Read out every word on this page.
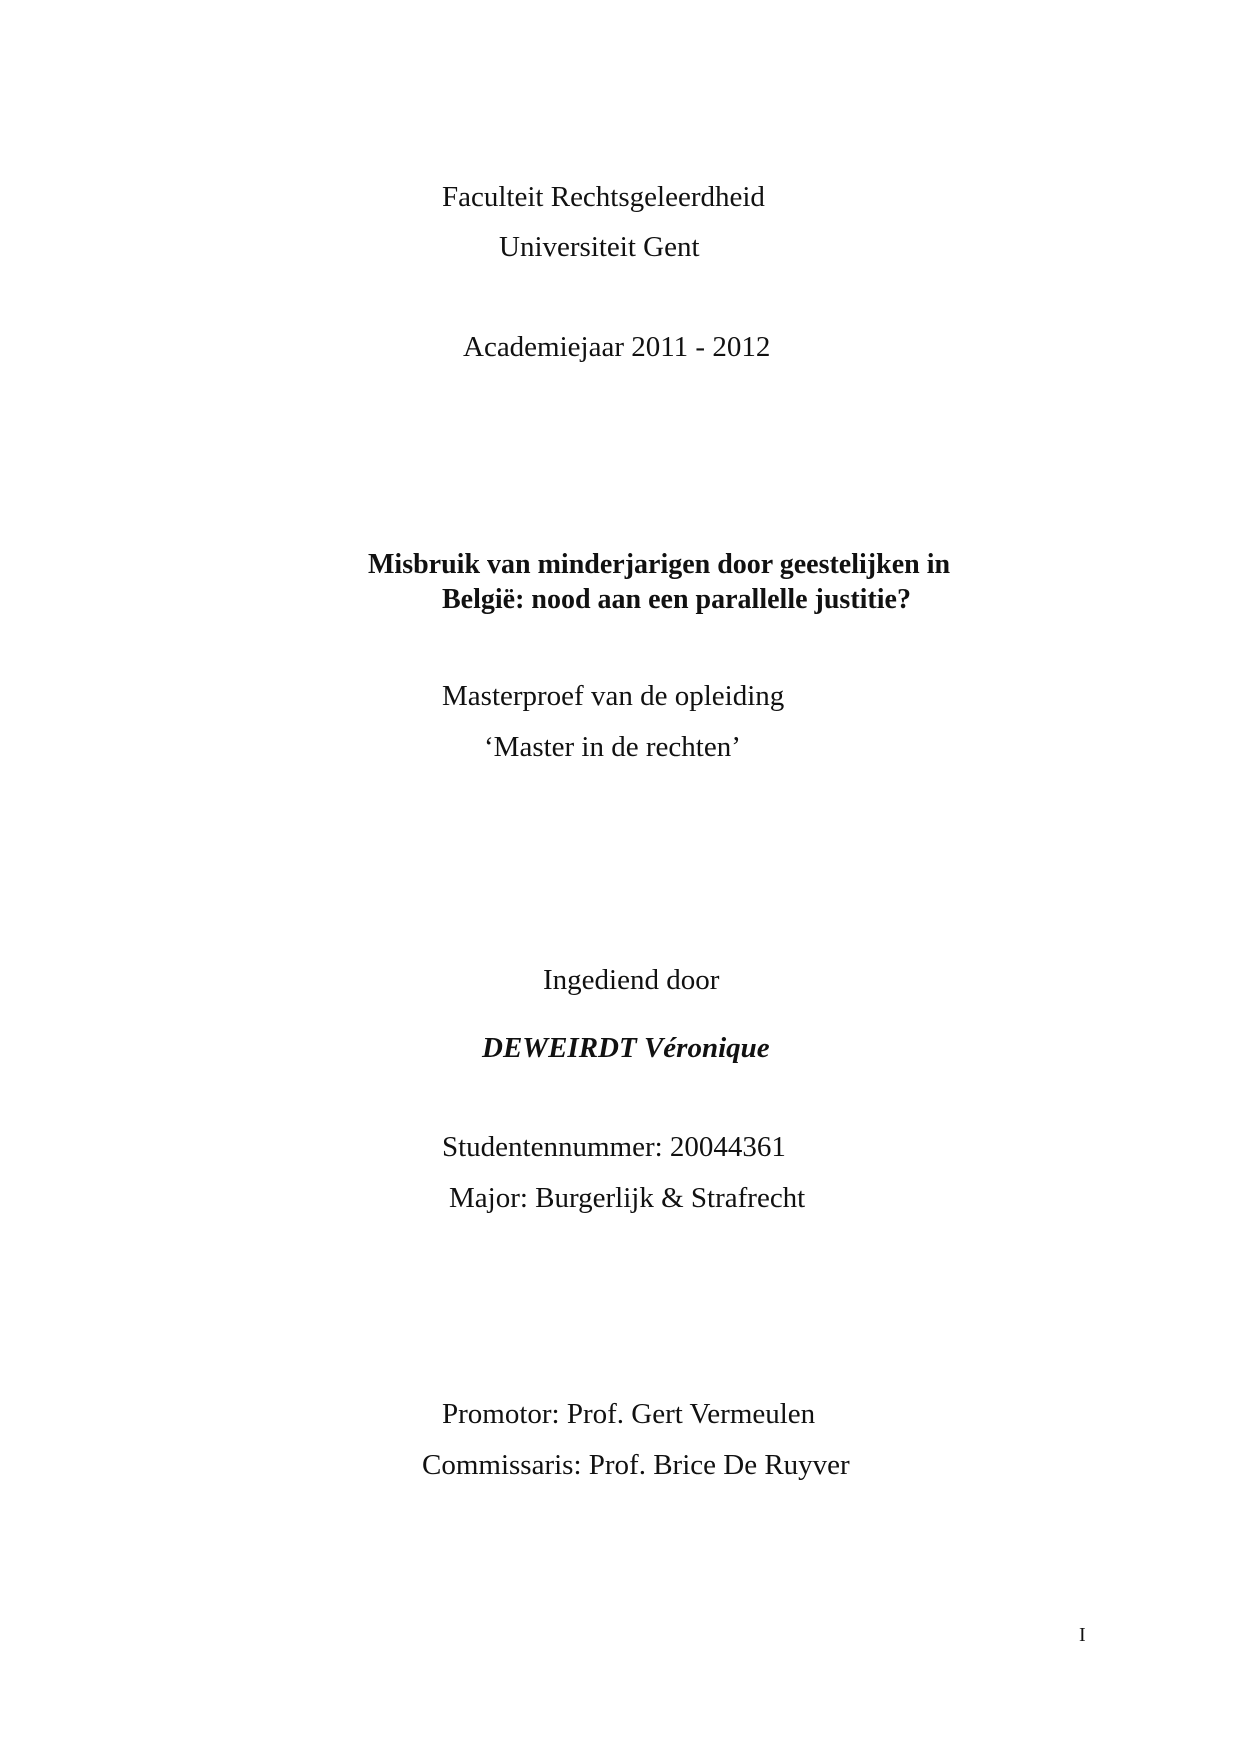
Faculteit Rechtsgeleerdheid

Universiteit Gent

Academiejaar 2011 - 2012

Misbruik van minderjarigen door geestelijken in
België: nood aan een parallelle justitie?

Masterproef van de opleiding

‘Master in de rechten’

Ingediend door

DEWEIRDT Véronique

Studentennummer: 20044361

Major: Burgerlijk & Strafrecht

Promotor: Prof. Gert Vermeulen

Commissaris: Prof. Brice De Ruyver

I
